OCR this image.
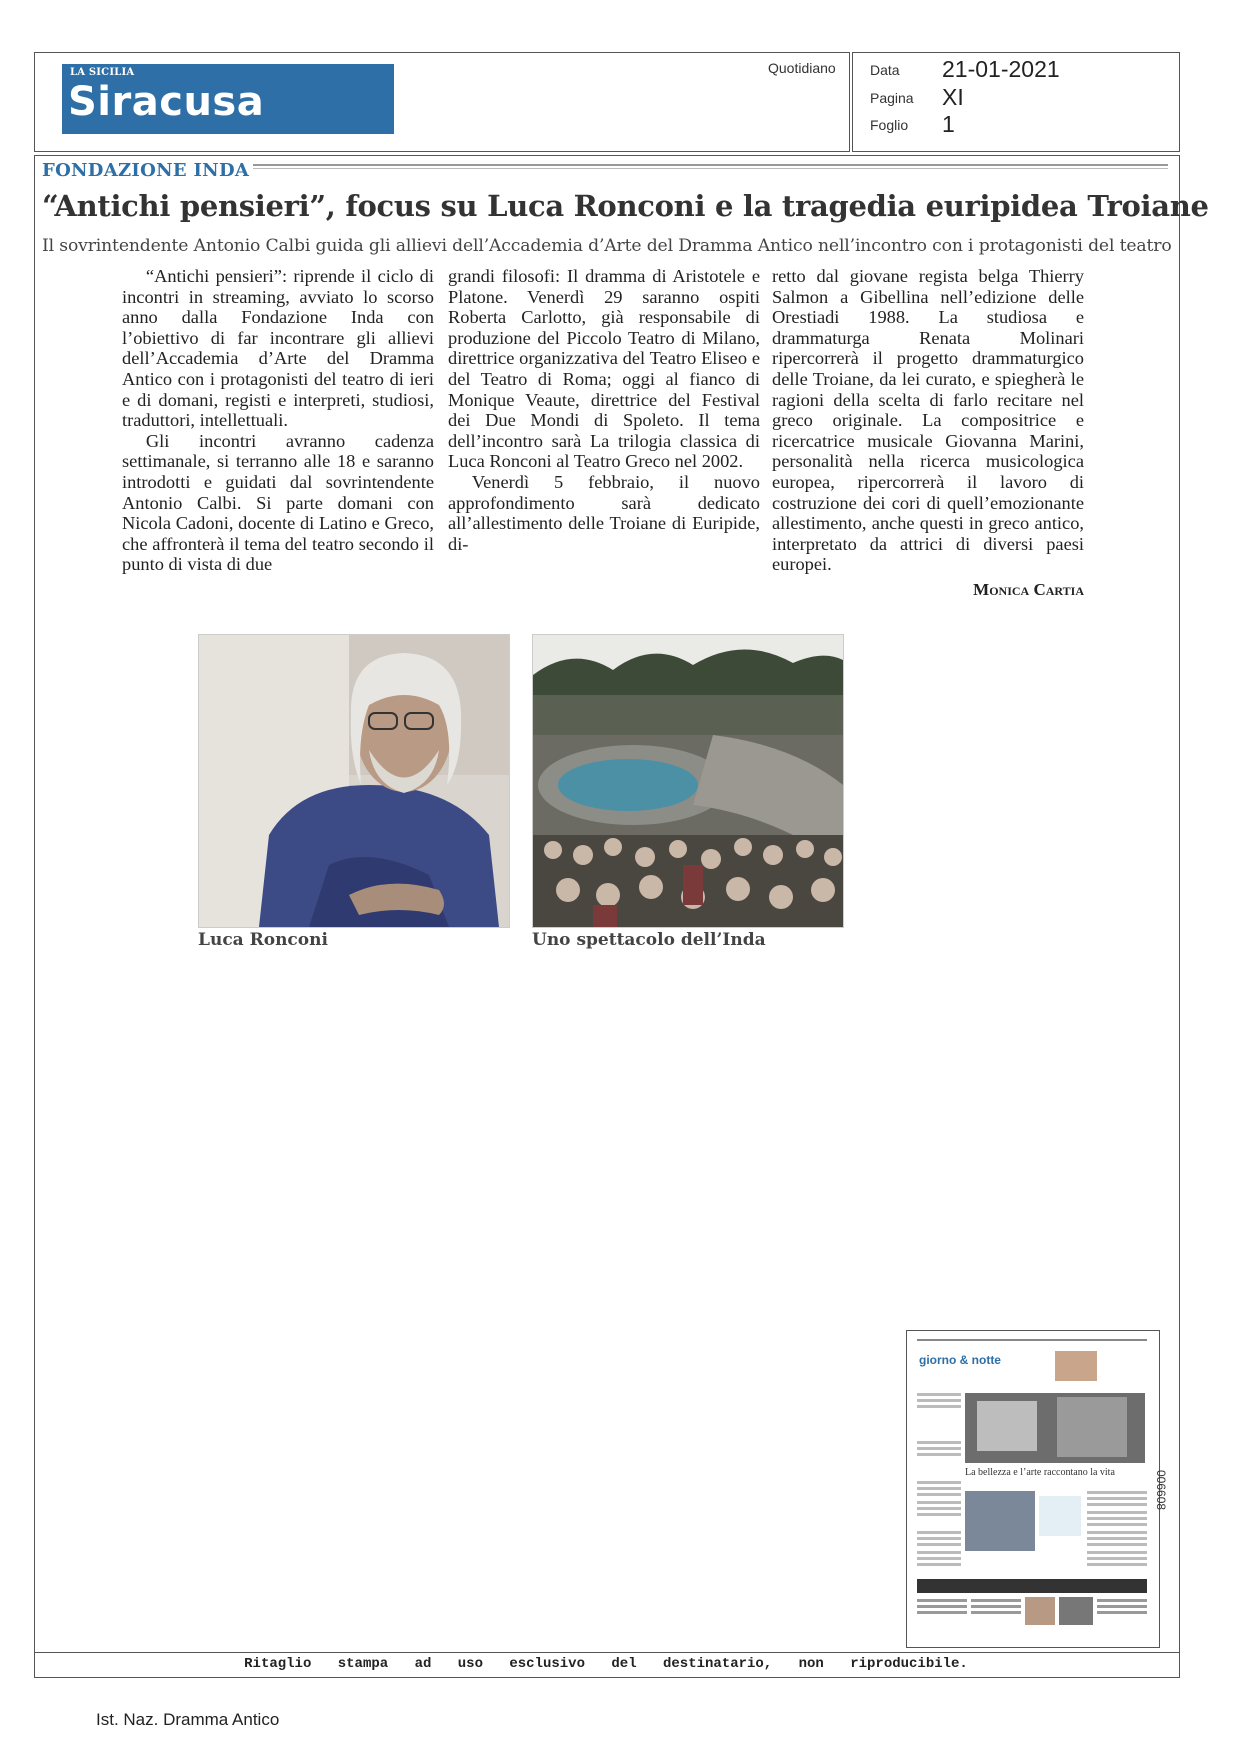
LA SICILIA
Siracusa
Quotidiano Data 21-01-2021
Pagina XI
Foglio 1
FONDAZIONE INDA
“Antichi pensieri”, focus su Luca Ronconi e la tragedia euripidea Troiane
Il sovrintendente Antonio Calbi guida gli allievi dell’Accademia d’Arte del Dramma Antico nell’incontro con i protagonisti del teatro

“Antichi pensieri”: riprende il ciclo di incontri in streaming, avviato lo scorso anno dalla Fondazione Inda con l’obiettivo di far incontrare gli allievi dell’Accademia d’Arte del Dramma Antico con i protagonisti del teatro di ieri e di domani, registi e interpreti, studiosi, traduttori, intellettuali.

Gli incontri avranno cadenza settimanale, si terranno alle 18 e saranno introdotti e guidati dal sovrintendente Antonio Calbi. Si parte domani con Nicola Cadoni, docente di Latino e Greco, che affronterà il tema del teatro secondo il punto di vista di due

grandi filosofi: Il dramma di Aristotele e Platone. Venerdì 29 saranno ospiti Roberta Carlotto, già responsabile di produzione del Piccolo Teatro di Milano, direttrice organizzativa del Teatro Eliseo e del Teatro di Roma; oggi al fianco di Monique Veaute, direttrice del Festival dei Due Mondi di Spoleto. Il tema dell’incontro sarà La trilogia classica di Luca Ronconi al Teatro Greco nel 2002.

Venerdì 5 febbraio, il nuovo approfondimento sarà dedicato all’allestimento delle Troiane di Euripide, di-

retto dal giovane regista belga Thierry Salmon a Gibellina nell’edizione delle Orestiadi 1988. La studiosa e drammaturga Renata Molinari ripercorrerà il progetto drammaturgico delle Troiane, da lei curato, e spiegherà le ragioni della scelta di farlo recitare nel greco originale. La compositrice e ricercatrice musicale Giovanna Marini, personalità nella ricerca musicologica europea, ripercorrerà il lavoro di costruzione dei cori di quell’emozionante allestimento, anche questi in greco antico, interpretato da attrici di diversi paesi europei.

Monica Cartia
Luca Ronconi	Uno spettacolo dell’Inda
giorno & notte
La bellezza e l’arte raccontano la vita
Ritaglio stampa ad uso esclusivo del destinatario, non riproducibile.
006608
Ist. Naz. Dramma Antico
